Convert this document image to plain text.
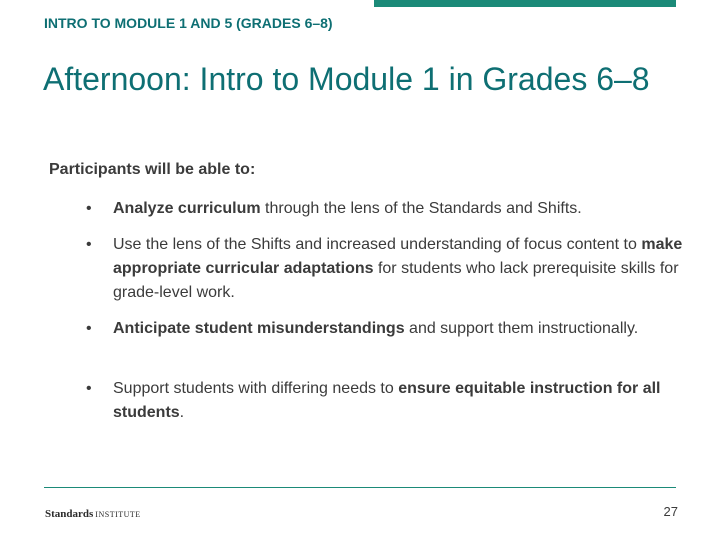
INTRO TO MODULE 1 AND 5 (GRADES 6–8)
Afternoon: Intro to Module 1 in Grades 6–8
Participants will be able to:
• Analyze curriculum through the lens of the Standards and Shifts.
• Use the lens of the Shifts and increased understanding of focus content to make appropriate curricular adaptations for students who lack prerequisite skills for grade-level work.
• Anticipate student misunderstandings and support them instructionally.
• Support students with differing needs to ensure equitable instruction for all students.
Standards INSTITUTE	27
